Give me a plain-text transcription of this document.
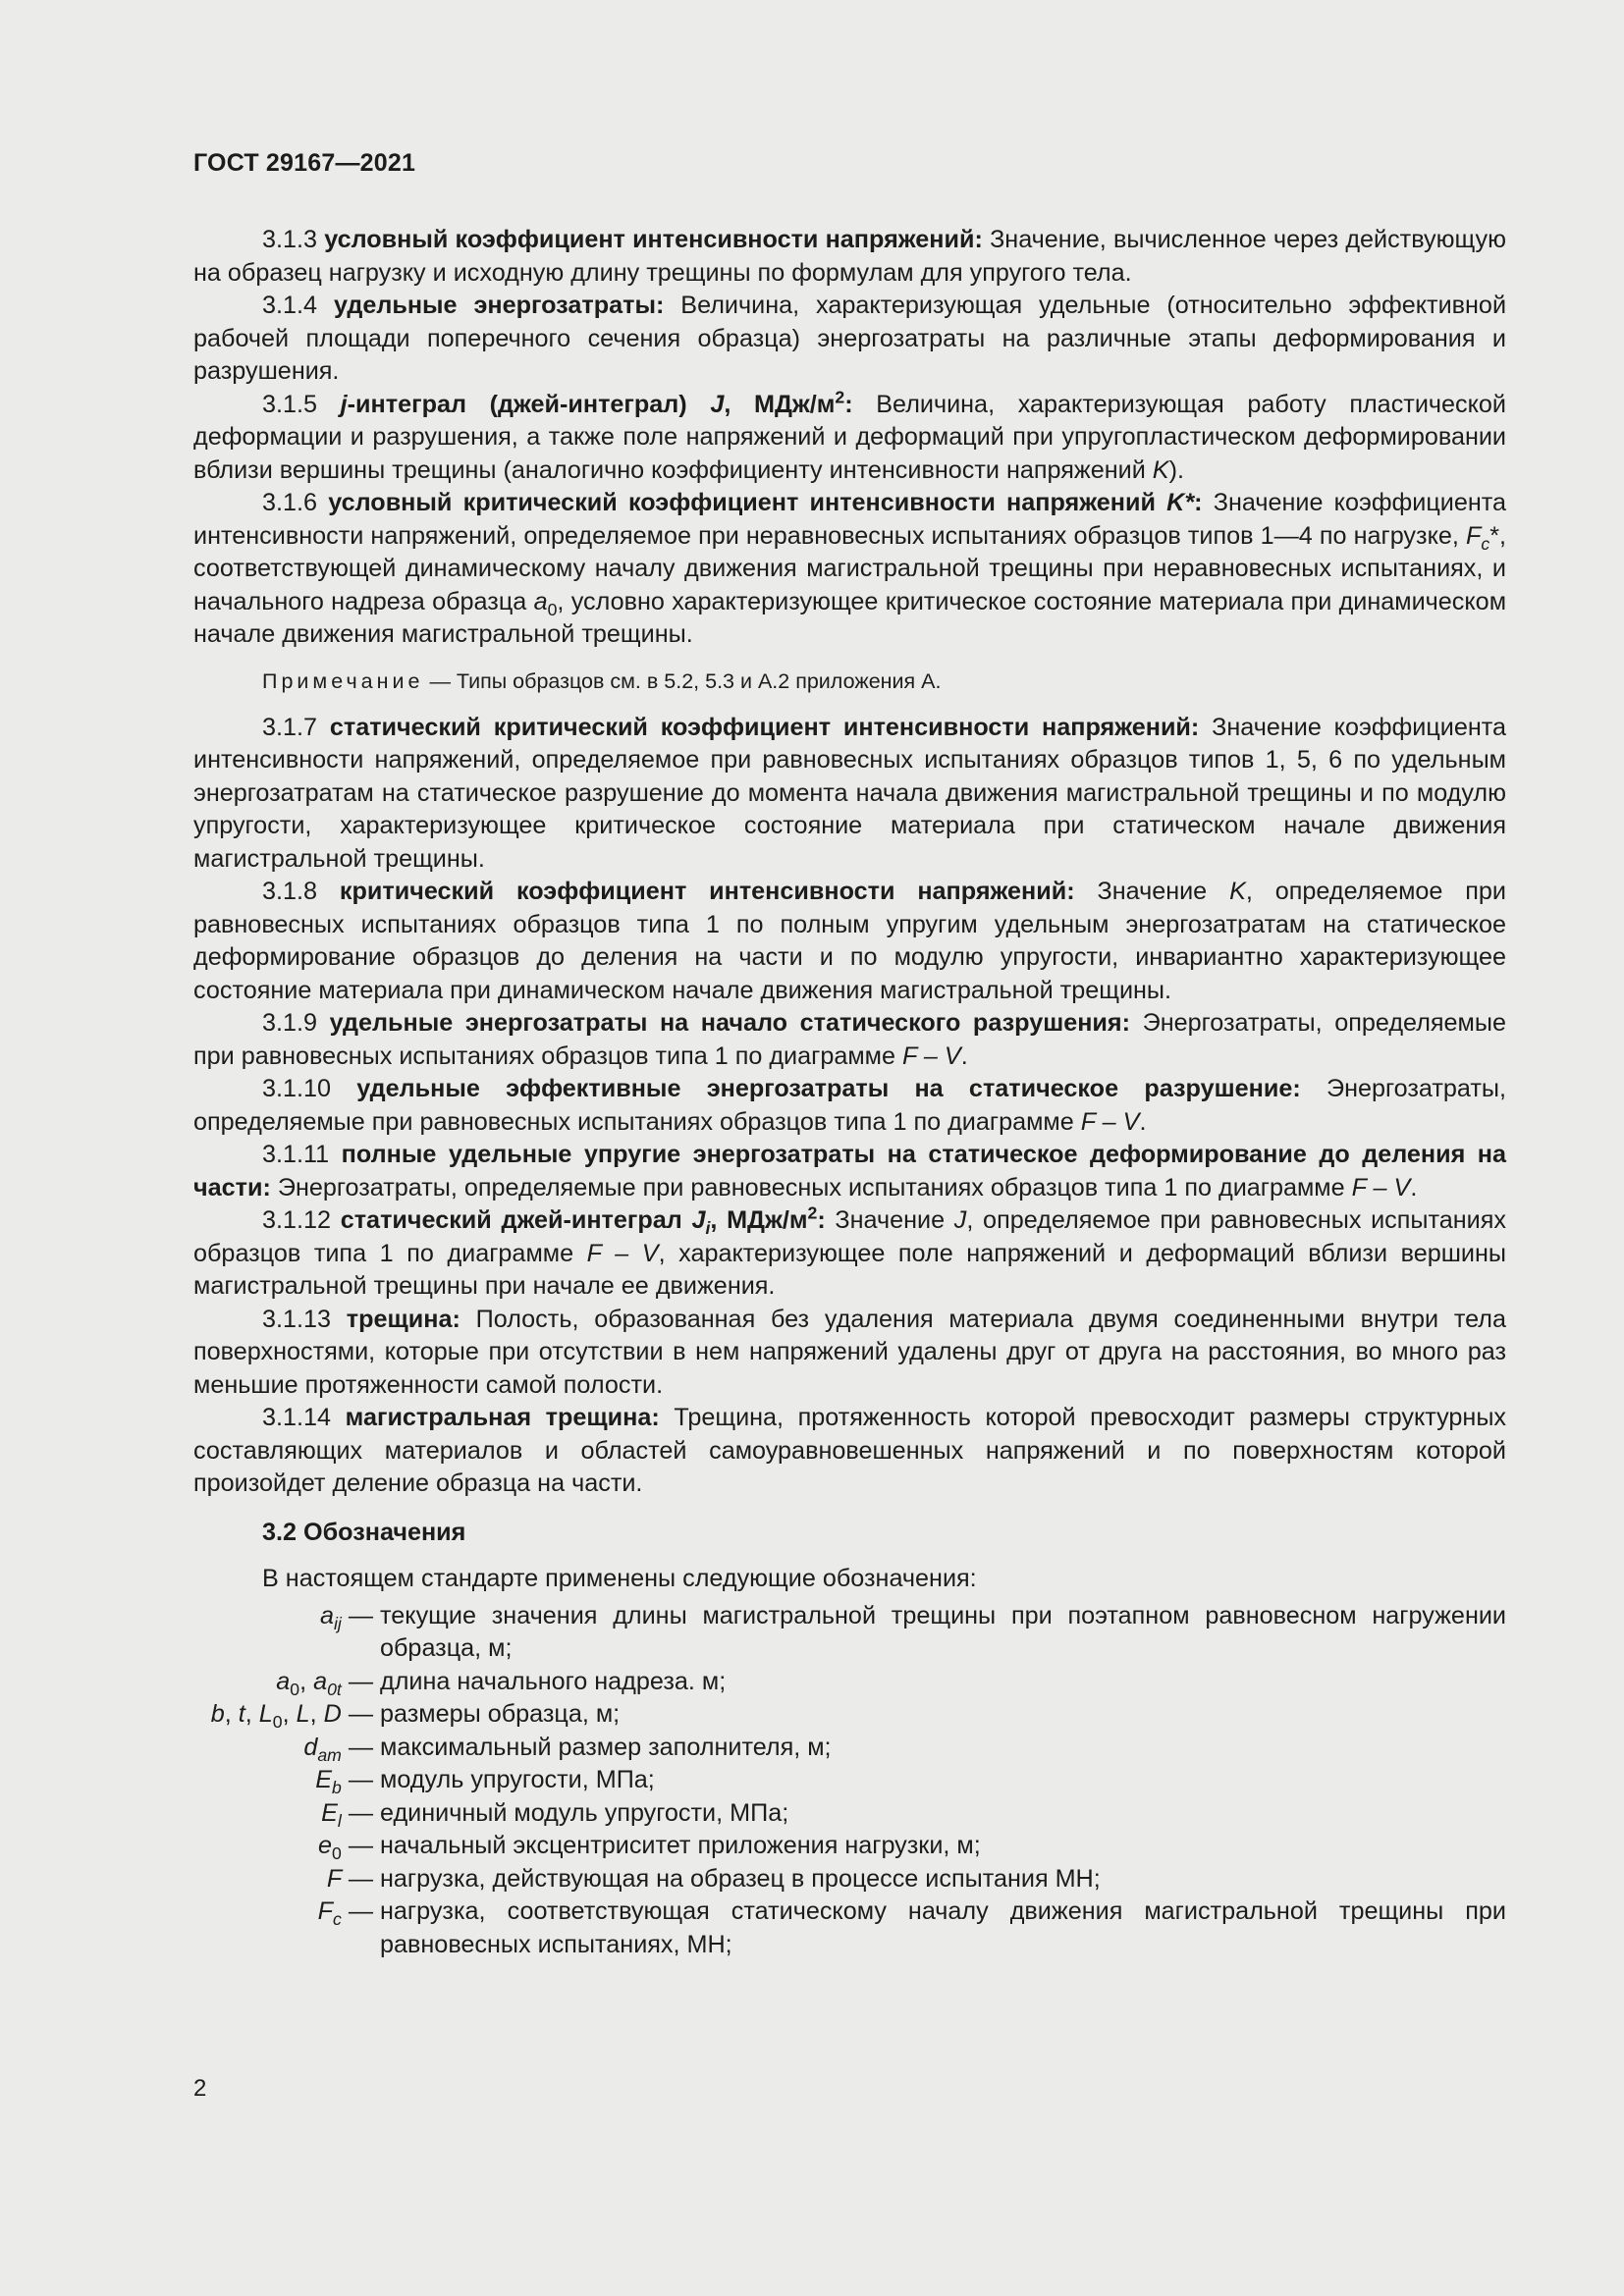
ГОСТ 29167—2021

3.1.3 условный коэффициент интенсивности напряжений: Значение, вычисленное через действующую на образец нагрузку и исходную длину трещины по формулам для упругого тела.

3.1.4 удельные энергозатраты: Величина, характеризующая удельные (относительно эффективной рабочей площади поперечного сечения образца) энергозатраты на различные этапы деформирования и разрушения.

3.1.5 j-интеграл (джей-интеграл) J, МДж/$м^2$: Величина, характеризующая работу пластической деформации и разрушения, а также поле напряжений и деформаций при упругопластическом деформировании вблизи вершины трещины (аналогично коэффициенту интенсивности напряжений K).

3.1.6 условный критический коэффициент интенсивности напряжений K*: Значение коэффициента интенсивности напряжений, определяемое при неравновесных испытаниях образцов типов 1—4 по нагрузке, $F_c*$, соответствующей динамическому началу движения магистральной трещины при неравновесных испытаниях, и начального надреза образца $a_0$, условно характеризующее критическое состояние материала при динамическом начале движения магистральной трещины.

Примечание — Типы образцов см. в 5.2, 5.3 и А.2 приложения А.

3.1.7 статический критический коэффициент интенсивности напряжений: Значение коэффициента интенсивности напряжений, определяемое при равновесных испытаниях образцов типов 1, 5, 6 по удельным энергозатратам на статическое разрушение до момента начала движения магистральной трещины и по модулю упругости, характеризующее критическое состояние материала при статическом начале движения магистральной трещины.

3.1.8 критический коэффициент интенсивности напряжений: Значение K, определяемое при равновесных испытаниях образцов типа 1 по полным упругим удельным энергозатратам на статическое деформирование образцов до деления на части и по модулю упругости, инвариантно характеризующее состояние материала при динамическом начале движения магистральной трещины.

3.1.9 удельные энергозатраты на начало статического разрушения: Энергозатраты, определяемые при равновесных испытаниях образцов типа 1 по диаграмме F – V.

3.1.10 удельные эффективные энергозатраты на статическое разрушение: Энергозатраты, определяемые при равновесных испытаниях образцов типа 1 по диаграмме F – V.

3.1.11 полные удельные упругие энергозатраты на статическое деформирование до деления на части: Энергозатраты, определяемые при равновесных испытаниях образцов типа 1 по диаграмме F – V.

3.1.12 статический джей-интеграл $J_i$, МДж/$м^2$: Значение J, определяемое при равновесных испытаниях образцов типа 1 по диаграмме F – V, характеризующее поле напряжений и деформаций вблизи вершины магистральной трещины при начале ее движения.

3.1.13 трещина: Полость, образованная без удаления материала двумя соединенными внутри тела поверхностями, которые при отсутствии в нем напряжений удалены друг от друга на расстояния, во много раз меньшие протяженности самой полости.

3.1.14 магистральная трещина: Трещина, протяженность которой превосходит размеры структурных составляющих материалов и областей самоуравновешенных напряжений и по поверхностям которой произойдет деление образца на части.

3.2 Обозначения
В настоящем стандарте применены следующие обозначения:
$a_{ij}$ — текущие значения длины магистральной трещины при поэтапном равновесном нагружении образца, м;
$a_0$, $a_{0t}$ — длина начального надреза. м;
b, t, $L_0$, L, D — размеры образца, м;
$d_{am}$ — максимальный размер заполнителя, м;
$E_b$ — модуль упругости, МПа;
$E_l$ — единичный модуль упругости, МПа;
$e_0$ — начальный эксцентриситет приложения нагрузки, м;
F — нагрузка, действующая на образец в процессе испытания МН;
$F_c$ — нагрузка, соответствующая статическому началу движения магистральной трещины при равновесных испытаниях, МН;
2
